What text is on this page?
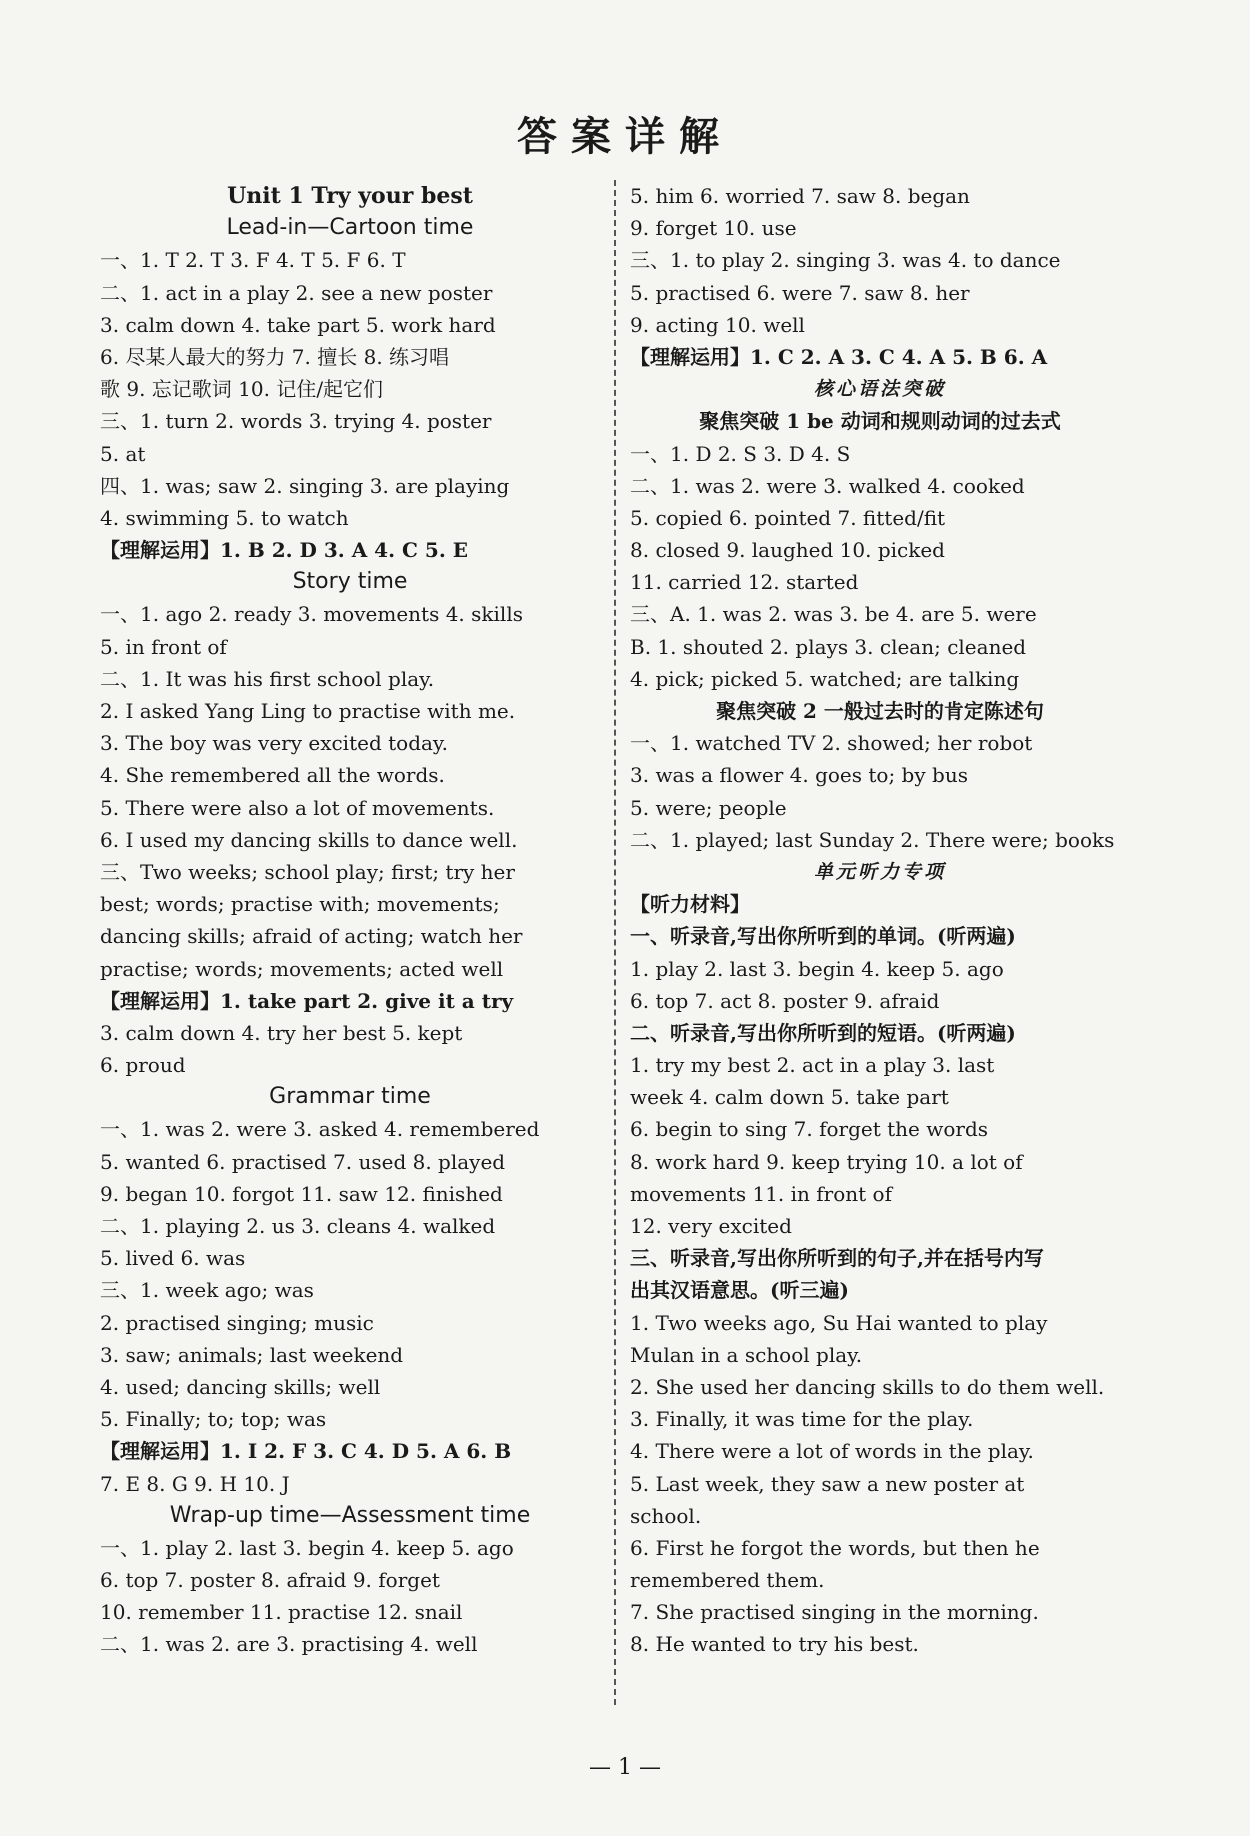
答案详解
Unit 1 Try your best
Lead-in—Cartoon time
一、1. T 2. T 3. F 4. T 5. F 6. T
二、1. act in a play 2. see a new poster
3. calm down 4. take part 5. work hard
6. 尽某人最大的努力 7. 擅长 8. 练习唱
歌 9. 忘记歌词 10. 记住/起它们
三、1. turn 2. words 3. trying 4. poster
5. at
四、1. was; saw 2. singing 3. are playing
4. swimming 5. to watch
【理解运用】1. B 2. D 3. A 4. C 5. E
Story time
一、1. ago 2. ready 3. movements 4. skills
5. in front of
二、1. It was his first school play.
2. I asked Yang Ling to practise with me.
3. The boy was very excited today.
4. She remembered all the words.
5. There were also a lot of movements.
6. I used my dancing skills to dance well.
三、Two weeks; school play; first; try her
best; words; practise with; movements;
dancing skills; afraid of acting; watch her
practise; words; movements; acted well
【理解运用】1. take part 2. give it a try
3. calm down 4. try her best 5. kept
6. proud
Grammar time
一、1. was 2. were 3. asked 4. remembered
5. wanted 6. practised 7. used 8. played
9. began 10. forgot 11. saw 12. finished
二、1. playing 2. us 3. cleans 4. walked
5. lived 6. was
三、1. week ago; was
2. practised singing; music
3. saw; animals; last weekend
4. used; dancing skills; well
5. Finally; to; top; was
【理解运用】1. I 2. F 3. C 4. D 5. A 6. B
7. E 8. G 9. H 10. J
Wrap-up time—Assessment time
一、1. play 2. last 3. begin 4. keep 5. ago
6. top 7. poster 8. afraid 9. forget
10. remember 11. practise 12. snail
二、1. was 2. are 3. practising 4. well
5. him 6. worried 7. saw 8. began
9. forget 10. use
三、1. to play 2. singing 3. was 4. to dance
5. practised 6. were 7. saw 8. her
9. acting 10. well
【理解运用】1. C 2. A 3. C 4. A 5. B 6. A
核心语法突破
聚焦突破 1 be 动词和规则动词的过去式
一、1. D 2. S 3. D 4. S
二、1. was 2. were 3. walked 4. cooked
5. copied 6. pointed 7. fitted/fit
8. closed 9. laughed 10. picked
11. carried 12. started
三、A. 1. was 2. was 3. be 4. are 5. were
B. 1. shouted 2. plays 3. clean; cleaned
4. pick; picked 5. watched; are talking
聚焦突破 2 一般过去时的肯定陈述句
一、1. watched TV 2. showed; her robot
3. was a flower 4. goes to; by bus
5. were; people
二、1. played; last Sunday 2. There were; books
单元听力专项
【听力材料】
一、听录音,写出你所听到的单词。(听两遍)
1. play 2. last 3. begin 4. keep 5. ago
6. top 7. act 8. poster 9. afraid
二、听录音,写出你所听到的短语。(听两遍)
1. try my best 2. act in a play 3. last
week 4. calm down 5. take part
6. begin to sing 7. forget the words
8. work hard 9. keep trying 10. a lot of
movements 11. in front of
12. very excited
三、听录音,写出你所听到的句子,并在括号内写
出其汉语意思。(听三遍)
1. Two weeks ago, Su Hai wanted to play
Mulan in a school play.
2. She used her dancing skills to do them well.
3. Finally, it was time for the play.
4. There were a lot of words in the play.
5. Last week, they saw a new poster at
school.
6. First he forgot the words, but then he
remembered them.
7. She practised singing in the morning.
8. He wanted to try his best.
— 1 —
